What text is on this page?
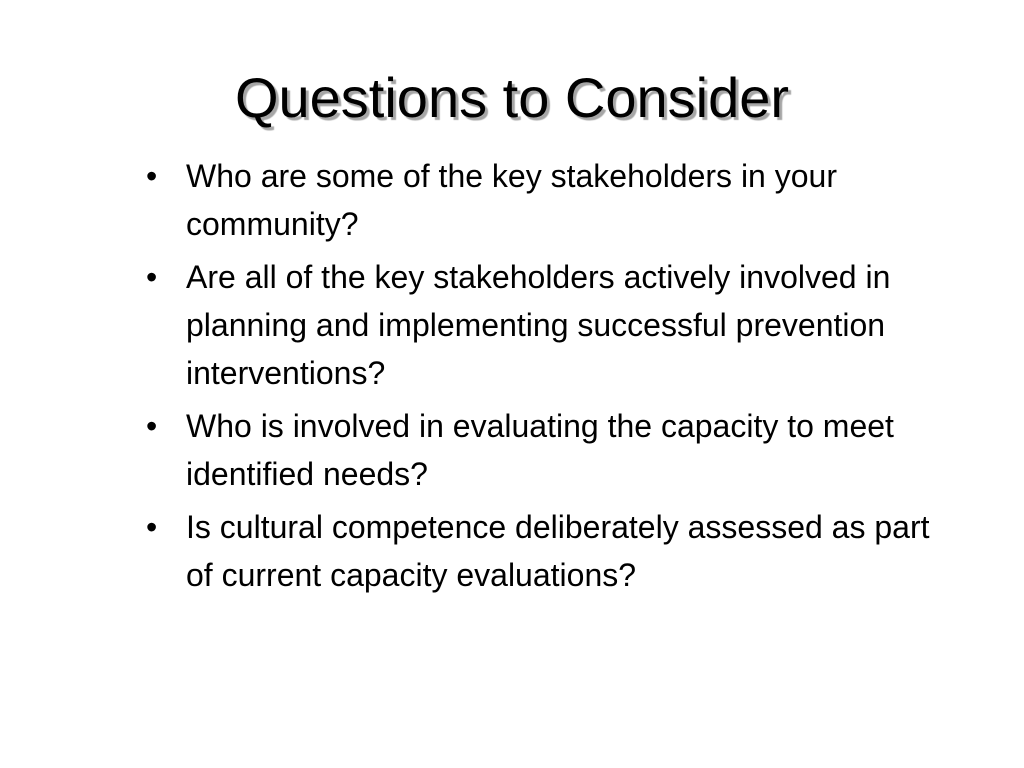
Questions to Consider
• Who are some of the key stakeholders in your community?
• Are all of the key stakeholders actively involved in planning and implementing successful prevention interventions?
• Who is involved in evaluating the capacity to meet identified needs?
• Is cultural competence deliberately assessed as part of current capacity evaluations?
